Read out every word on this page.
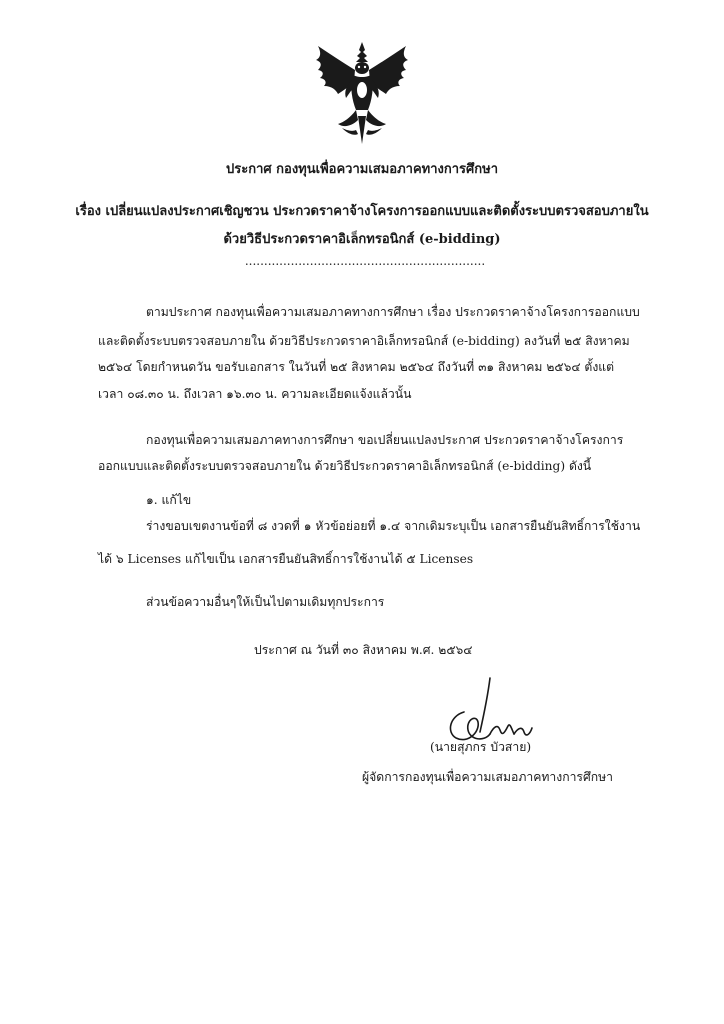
ประกาศ กองทุนเพื่อความเสมอภาคทางการศึกษา
เรื่อง เปลี่ยนแปลงประกาศเชิญชวน ประกวดราคาจ้างโครงการออกแบบและติดตั้งระบบตรวจสอบภายใน
ด้วยวิธีประกวดราคาอิเล็กทรอนิกส์ (e-bidding)
...............................................................
ตามประกาศ กองทุนเพื่อความเสมอภาคทางการศึกษา เรื่อง ประกวดราคาจ้างโครงการออกแบบ
และติดตั้งระบบตรวจสอบภายใน ด้วยวิธีประกวดราคาอิเล็กทรอนิกส์ (e-bidding) ลงวันที่ ๒๕ สิงหาคม
๒๕๖๔ โดยกำหนดวัน ขอรับเอกสาร ในวันที่ ๒๕ สิงหาคม ๒๕๖๔ ถึงวันที่ ๓๑ สิงหาคม ๒๕๖๔ ตั้งแต่
เวลา ๐๘.๓๐ น. ถึงเวลา ๑๖.๓๐ น. ความละเอียดแจ้งแล้วนั้น
กองทุนเพื่อความเสมอภาคทางการศึกษา ขอเปลี่ยนแปลงประกาศ ประกวดราคาจ้างโครงการ
ออกแบบและติดตั้งระบบตรวจสอบภายใน ด้วยวิธีประกวดราคาอิเล็กทรอนิกส์ (e-bidding) ดังนี้
๑. แก้ไข
ร่างขอบเขตงานข้อที่ ๘ งวดที่ ๑ หัวข้อย่อยที่ ๑.๔ จากเดิมระบุเป็น เอกสารยืนยันสิทธิ์การใช้งาน
ได้ ๖ Licenses แก้ไขเป็น เอกสารยืนยันสิทธิ์การใช้งานได้ ๕ Licenses
ส่วนข้อความอื่นๆให้เป็นไปตามเดิมทุกประการ
ประกาศ ณ วันที่ ๓๐ สิงหาคม พ.ศ. ๒๕๖๔
(นายสุภกร บัวสาย)
ผู้จัดการกองทุนเพื่อความเสมอภาคทางการศึกษา
